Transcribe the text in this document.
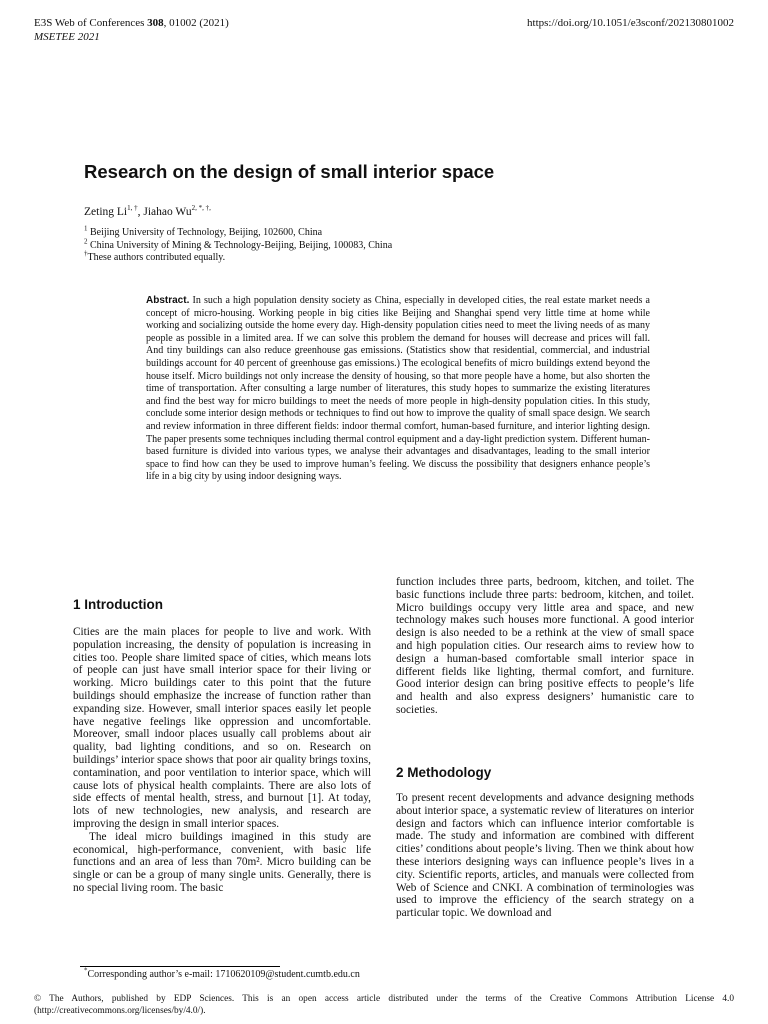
E3S Web of Conferences 308, 01002 (2021)
MSETEE 2021
https://doi.org/10.1051/e3sconf/202130801002
Research on the design of small interior space
Zeting $Li^{1, \dagger}$, Jiahao $Wu^{2, *, \dagger,}$
$^1$ Beijing University of Technology, Beijing, 102600, China
$^2$ China University of Mining & Technology-Beijing, Beijing, 100083, China
†These authors contributed equally.
Abstract. In such a high population density society as China, especially in developed cities, the real estate market needs a concept of micro-housing. Working people in big cities like Beijing and Shanghai spend very little time at home while working and socializing outside the home every day. High-density population cities need to meet the living needs of as many people as possible in a limited area. If we can solve this problem the demand for houses will decrease and prices will fall. And tiny buildings can also reduce greenhouse gas emissions. (Statistics show that residential, commercial, and industrial buildings account for 40 percent of greenhouse gas emissions.) The ecological benefits of micro buildings extend beyond the house itself. Micro buildings not only increase the density of housing, so that more people have a home, but also shorten the time of transportation. After consulting a large number of literatures, this study hopes to summarize the existing literatures and find the best way for micro buildings to meet the needs of more people in high-density population cities. In this study, conclude some interior design methods or techniques to find out how to improve the quality of small space design. We search and review information in three different fields: indoor thermal comfort, human-based furniture, and interior lighting design. The paper presents some techniques including thermal control equipment and a day-light prediction system. Different human-based furniture is divided into various types, we analyse their advantages and disadvantages, leading to the small interior space to find how can they be used to improve human’s feeling. We discuss the possibility that designers enhance people’s life in a big city by using indoor designing ways.
1 Introduction

Cities are the main places for people to live and work. With population increasing, the density of population is increasing in cities too. People share limited space of cities, which means lots of people can just have small interior space for their living or working. Micro buildings cater to this point that the future buildings should emphasize the increase of function rather than expanding size. However, small interior spaces easily let people have negative feelings like oppression and uncomfortable. Moreover, small indoor places usually call problems about air quality, bad lighting conditions, and so on. Research on buildings’ interior space shows that poor air quality brings toxins, contamination, and poor ventilation to interior space, which will cause lots of physical health complaints. There are also lots of side effects of mental health, stress, and burnout [1]. At today, lots of new technologies, new analysis, and research are improving the design in small interior spaces.

The ideal micro buildings imagined in this study are economical, high-performance, convenient, with basic life functions and an area of less than 70m². Micro building can be single or can be a group of many single units. Generally, there is no special living room. The basic

function includes three parts, bedroom, kitchen, and toilet. The basic functions include three parts: bedroom, kitchen, and toilet. Micro buildings occupy very little area and space, and new technology makes such houses more functional. A good interior design is also needed to be a rethink at the view of small space and high population cities. Our research aims to review how to design a human-based comfortable small interior space in different fields like lighting, thermal comfort, and furniture. Good interior design can bring positive effects to people’s life and health and also express designers’ humanistic care to societies.

2 Methodology

To present recent developments and advance designing methods about interior space, a systematic review of literatures on interior design and factors which can influence interior comfortable is made. The study and information are combined with different cities’ conditions about people’s living. Then we think about how these interiors designing ways can influence people’s lives in a city. Scientific reports, articles, and manuals were collected from Web of Science and CNKI. A combination of terminologies was used to improve the efficiency of the search strategy on a particular topic. We download and

*Corresponding author’s e-mail: 1710620109@student.cumtb.edu.cn
© The Authors, published by EDP Sciences. This is an open access article distributed under the terms of the Creative Commons Attribution License 4.0 (http://creativecommons.org/licenses/by/4.0/).
